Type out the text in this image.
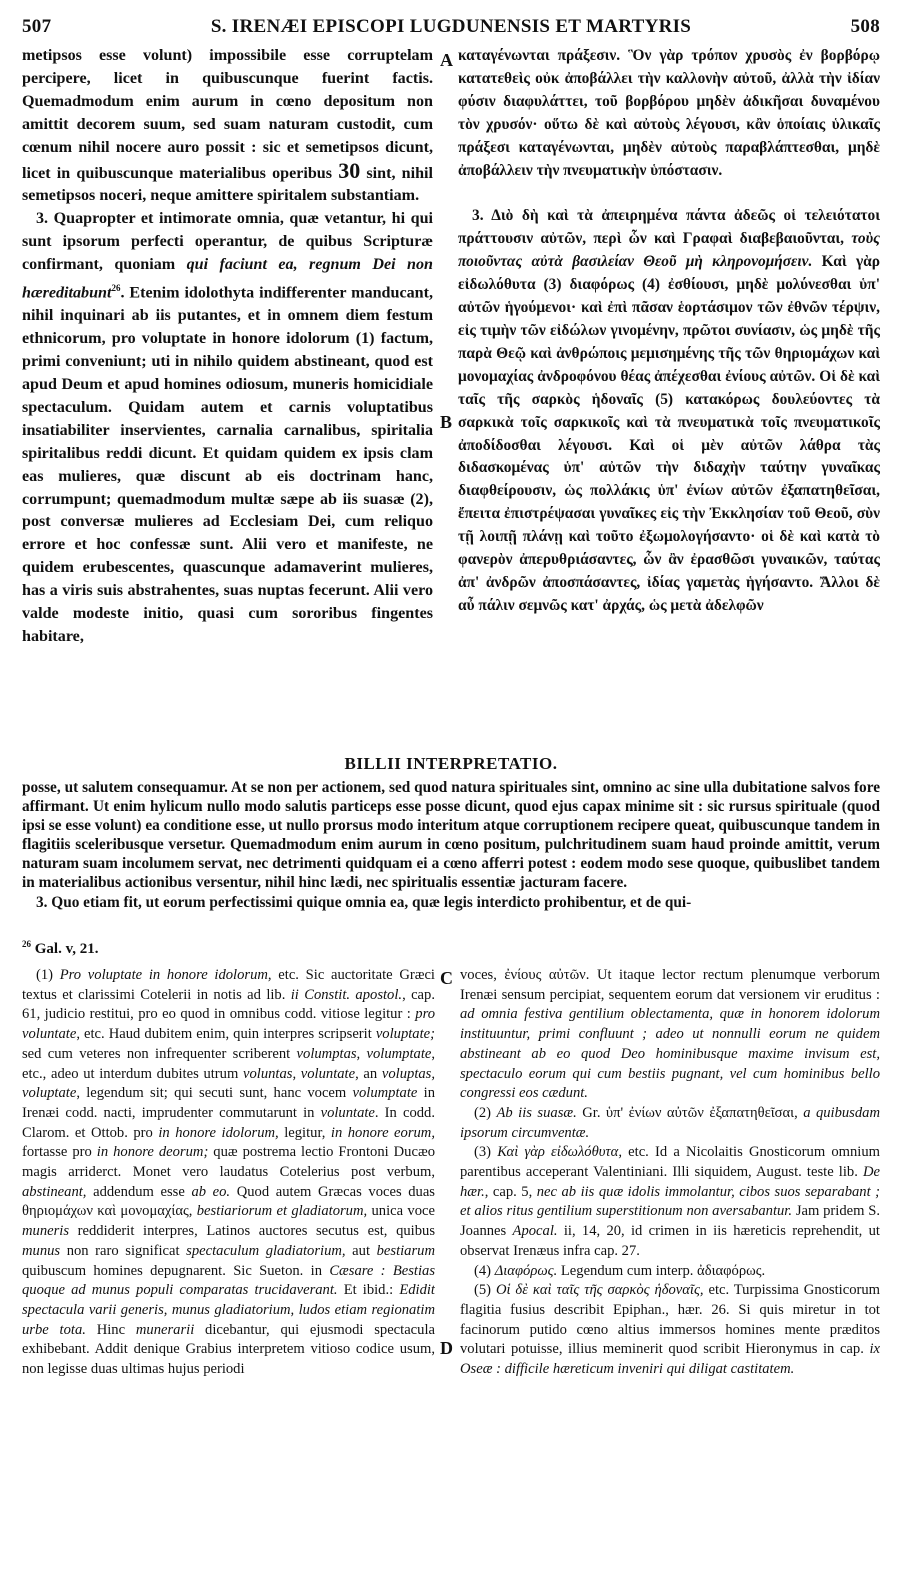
507	S. IRENÆI EPISCOPI LUGDUNENSIS ET MARTYRIS	508

metipsos esse volunt) impossibile esse corruptelam percipere, licet in quibuscunque fuerint factis. Quemadmodum enim aurum in cœno depositum non amittit decorem suum, sed suam naturam custodit, cum cœnum nihil nocere auro possit : sic et semetipsos dicunt, licet in quibuscunque materialibus operibus 30 sint, nihil semetipsos noceri, neque amittere spiritalem substantiam.

3. Quapropter et intimorate omnia, quæ vetantur, hi qui sunt ipsorum perfecti operantur, de quibus Scripturæ confirmant, quoniam qui faciunt ea, regnum Dei non hæreditabunt$^{26}$. Etenim idolothyta indifferenter manducant, nihil inquinari ab iis putantes, et in omnem diem festum ethnicorum, pro voluptate in honore idolorum (1) factum, primi conveniunt; uti in nihilo quidem abstineant, quod est apud Deum et apud homines odiosum, muneris homicidiale spectaculum. Quidam autem et carnis voluptatibus insatiabiliter inservientes, carnalia carnalibus, spiritalia spiritalibus reddi dicunt. Et quidam quidem ex ipsis clam eas mulieres, quæ discunt ab eis doctrinam hanc, corrumpunt; quemadmodum multæ sæpe ab iis suasæ (2), post conversæ mulieres ad Ecclesiam Dei, cum reliquo errore et hoc confessæ sunt. Alii vero et manifeste, ne quidem erubescentes, quascunque adamaverint mulieres, has a viris suis abstrahentes, suas nuptas fecerunt. Alii vero valde modeste initio, quasi cum sororibus fingentes habitare,

A
B

καταγένωνται πράξεσιν. Ὃν γὰρ τρόπον χρυσὸς ἐν βορβόρῳ κατατεθεὶς οὐκ ἀποβάλλει τὴν καλλονὴν αὐτοῦ, ἀλλὰ τὴν ἰδίαν φύσιν διαφυλάττει, τοῦ βορβόρου μηδὲν ἀδικῆσαι δυναμένου τὸν χρυσόν· οὕτω δὲ καὶ αὐτοὺς λέγουσι, κἂν ὁποίαις ὑλικαῖς πράξεσι καταγένωνται, μηδὲν αὐτοὺς παραβλάπτεσθαι, μηδὲ ἀποβάλλειν τὴν πνευματικὴν ὑπόστασιν.

3. Διὸ δὴ καὶ τὰ ἀπειρημένα πάντα ἀδεῶς οἱ τελειότατοι πράττουσιν αὐτῶν, περὶ ὧν καὶ Γραφαὶ διαβεβαιοῦνται, τοὺς ποιοῦντας αὐτὰ βασιλείαν Θεοῦ μὴ κληρονομήσειν. Καὶ γὰρ εἰδωλόθυτα (3) διαφόρως (4) ἐσθίουσι, μηδὲ μολύνεσθαι ὑπ' αὐτῶν ἡγούμενοι· καὶ ἐπὶ πᾶσαν ἑορτάσιμον τῶν ἐθνῶν τέρψιν, εἰς τιμὴν τῶν εἰδώλων γινομένην, πρῶτοι συνίασιν, ὡς μηδὲ τῆς παρὰ Θεῷ καὶ ἀνθρώποις μεμισημένης τῆς τῶν θηριομάχων καὶ μονομαχίας ἀνδροφόνου θέας ἀπέχεσθαι ἐνίους αὐτῶν. Οἱ δὲ καὶ ταῖς τῆς σαρκὸς ἡδοναῖς (5) κατακόρως δουλεύοντες τὰ σαρκικὰ τοῖς σαρκικοῖς καὶ τὰ πνευματικὰ τοῖς πνευματικοῖς ἀποδίδοσθαι λέγουσι. Καὶ οἱ μὲν αὐτῶν λάθρα τὰς διδασκομένας ὑπ' αὐτῶν τὴν διδαχὴν ταύτην γυναῖκας διαφθείρουσιν, ὡς πολλάκις ὑπ' ἐνίων αὐτῶν ἐξαπατηθεῖσαι, ἔπειτα ἐπιστρέψασαι γυναῖκες εἰς τὴν Ἐκκλησίαν τοῦ Θεοῦ, σὺν τῇ λοιπῇ πλάνῃ καὶ τοῦτο ἐξωμολογήσαντο· οἱ δὲ καὶ κατὰ τὸ φανερὸν ἀπερυθριάσαντες, ὧν ἂν ἐρασθῶσι γυναικῶν, ταύτας ἀπ' ἀνδρῶν ἀποσπάσαντες, ἰδίας γαμετὰς ἡγήσαντο. Ἄλλοι δὲ αὖ πάλιν σεμνῶς κατ' ἀρχάς, ὡς μετὰ ἀδελφῶν

BILLII INTERPRETATIO.

posse, ut salutem consequamur. At se non per actionem, sed quod natura spirituales sint, omnino ac sine ulla dubitatione salvos fore affirmant. Ut enim hylicum nullo modo salutis particeps esse posse dicunt, quod ejus capax minime sit : sic rursus spirituale (quod ipsi se esse volunt) ea conditione esse, ut nullo prorsus modo interitum atque corruptionem recipere queat, quibuscunque tandem in flagitiis sceleribusque versetur. Quemadmodum enim aurum in cœno positum, pulchritudinem suam haud proinde amittit, verum naturam suam incolumem servat, nec detrimenti quidquam ei a cœno afferri potest : eodem modo sese quoque, quibuslibet tandem in materialibus actionibus versentur, nihil hinc lædi, nec spiritualis essentiæ jacturam facere.

3. Quo etiam fit, ut eorum perfectissimi quique omnia ea, quæ legis interdicto prohibentur, et de qui-

$^{26}$ Gal. v, 21.

(1) Pro voluptate in honore idolorum, etc. Sic auctoritate Græci textus et clarissimi Cotelerii in notis ad lib. ii Constit. apostol., cap. 61, judicio restitui, pro eo quod in omnibus codd. vitiose legitur : pro voluntate, etc. Haud dubitem enim, quin interpres scripserit voluptate; sed cum veteres non infrequenter scriberent volumptas, volumptate, etc., adeo ut interdum dubites utrum voluntas, voluntate, an voluptas, voluptate, legendum sit; qui secuti sunt, hanc vocem volumptate in Irenæi codd. nacti, imprudenter commutarunt in voluntate. In codd. Clarom. et Ottob. pro in honore idolorum, legitur, in honore eorum, fortasse pro in honore deorum; quæ postrema lectio Frontoni Ducæo magis arriderct. Monet vero laudatus Cotelerius post verbum, abstineant, addendum esse ab eo. Quod autem Græcas voces duas θηριομάχων καὶ μονομαχίας, bestiariorum et gladiatorum, unica voce muneris reddiderit interpres, Latinos auctores secutus est, quibus munus non raro significat spectaculum gladiatorium, aut bestiarum quibuscum homines depugnarent. Sic Sueton. in Cæsare : Bestias quoque ad munus populi comparatas trucidaverant. Et ibid.: Edidit spectacula varii generis, munus gladiatorium, ludos etiam regionatim urbe tota. Hinc munerarii dicebantur, qui ejusmodi spectacula exhibebant. Addit denique Grabius interpretem vitioso codice usum, non legisse duas ultimas hujus periodi

C
D

voces, ἐνίους αὐτῶν. Ut itaque lector rectum plenumque verborum Irenæi sensum percipiat, sequentem eorum dat versionem vir eruditus : ad omnia festiva gentilium oblectamenta, quæ in honorem idolorum instituuntur, primi confluunt ; adeo ut nonnulli eorum ne quidem abstineant ab eo quod Deo hominibusque maxime invisum est, spectaculo eorum qui cum bestiis pugnant, vel cum hominibus bello congressi eos cædunt.

(2) Ab iis suasæ. Gr. ὑπ' ἐνίων αὐτῶν ἐξαπατηθεῖσαι, a quibusdam ipsorum circumventæ.

(3) Καὶ γὰρ εἰδωλόθυτα, etc. Id a Nicolaitis Gnosticorum omnium parentibus acceperant Valentiniani. Illi siquidem, August. teste lib. De hær., cap. 5, nec ab iis quæ idolis immolantur, cibos suos separabant ; et alios ritus gentilium superstitionum non aversabantur. Jam pridem S. Joannes Apocal. ii, 14, 20, id crimen in iis hæreticis reprehendit, ut observat Irenæus infra cap. 27.

(4) Διαφόρως. Legendum cum interp. ἀδιαφόρως.

(5) Οἱ δὲ καὶ ταῖς τῆς σαρκὸς ἡδοναῖς, etc. Turpissima Gnosticorum flagitia fusius describit Epiphan., hær. 26. Si quis miretur in tot facinorum putido cœno altius immersos homines mente præditos volutari potuisse, illius meminerit quod scribit Hieronymus in cap. ix Oseæ : difficile hæreticum inveniri qui diligat castitatem.
